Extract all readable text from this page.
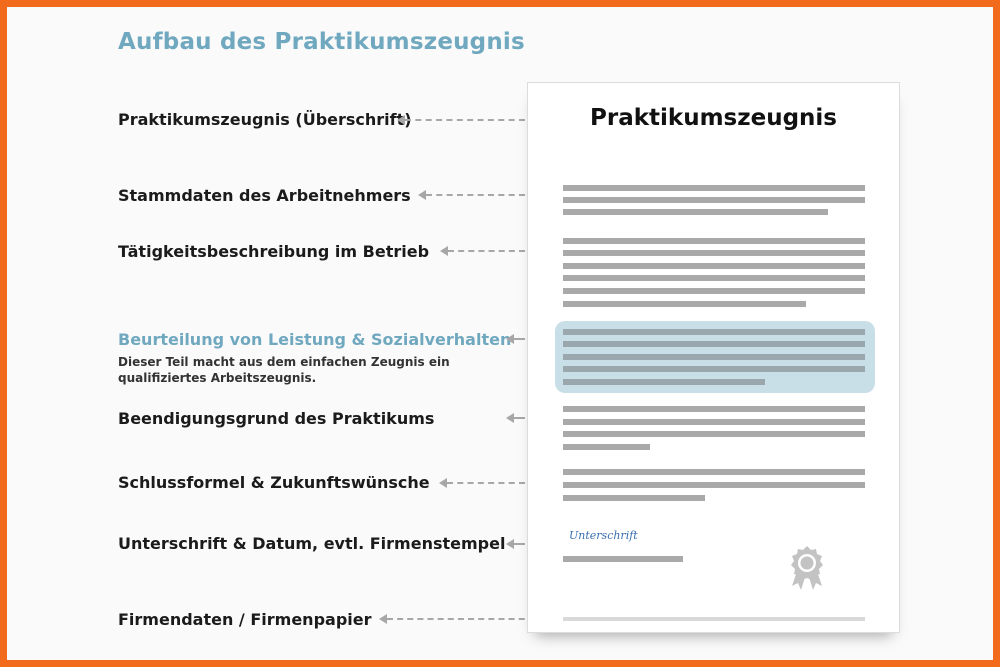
Aufbau des Praktikumszeugnis
Praktikumszeugnis (Überschrift)
Stammdaten des Arbeitnehmers
Tätigkeitsbeschreibung im Betrieb
Beurteilung von Leistung & Sozialverhalten
Dieser Teil macht aus dem einfachen Zeugnis ein qualifiziertes Arbeitszeugnis.
Beendigungsgrund des Praktikums
Schlussformel & Zukunftswünsche
Unterschrift & Datum, evtl. Firmenstempel
Firmendaten / Firmenpapier
Praktikumszeugnis
Unterschrift
